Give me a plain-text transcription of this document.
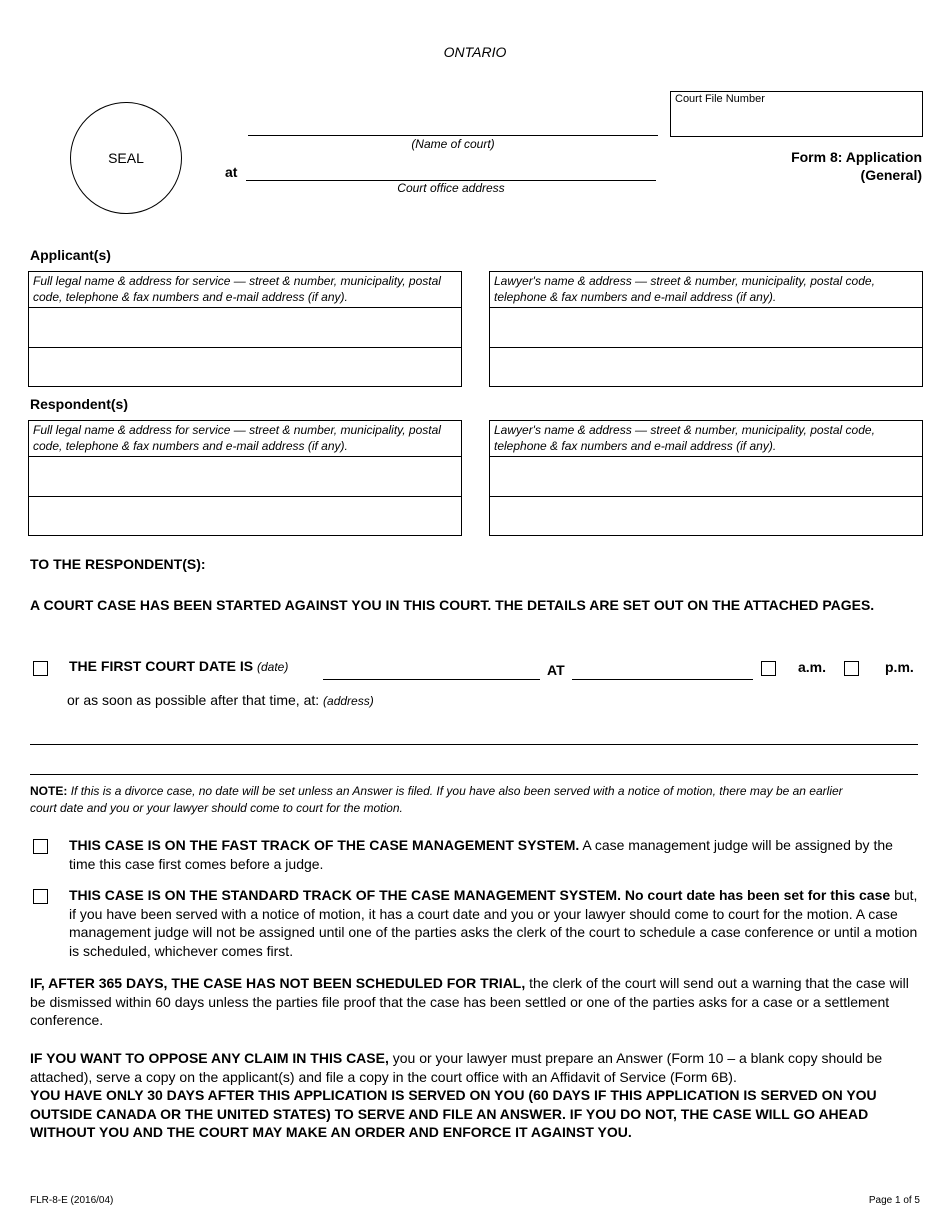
ONTARIO
SEAL
(Name of court)
at
Court office address
Court File Number
Form 8: Application
(General)
Applicant(s)
Full legal name & address for service — street & number, municipality, postal code, telephone & fax numbers and e-mail address (if any).
Lawyer's name & address — street & number, municipality, postal code, telephone & fax numbers and e-mail address (if any).
Respondent(s)
Full legal name & address for service — street & number, municipality, postal code, telephone & fax numbers and e-mail address (if any).
Lawyer's name & address — street & number, municipality, postal code, telephone & fax numbers and e-mail address (if any).
TO THE RESPONDENT(S):
A COURT CASE HAS BEEN STARTED AGAINST YOU IN THIS COURT. THE DETAILS ARE SET OUT ON THE ATTACHED PAGES.
THE FIRST COURT DATE IS (date)	AT	a.m.	p.m.
or as soon as possible after that time, at: (address)
NOTE: If this is a divorce case, no date will be set unless an Answer is filed. If you have also been served with a notice of motion, there may be an earlier court date and you or your lawyer should come to court for the motion.
THIS CASE IS ON THE FAST TRACK OF THE CASE MANAGEMENT SYSTEM. A case management judge will be assigned by the time this case first comes before a judge.
THIS CASE IS ON THE STANDARD TRACK OF THE CASE MANAGEMENT SYSTEM. No court date has been set for this case but, if you have been served with a notice of motion, it has a court date and you or your lawyer should come to court for the motion. A case management judge will not be assigned until one of the parties asks the clerk of the court to schedule a case conference or until a motion is scheduled, whichever comes first.
IF, AFTER 365 DAYS, THE CASE HAS NOT BEEN SCHEDULED FOR TRIAL, the clerk of the court will send out a warning that the case will be dismissed within 60 days unless the parties file proof that the case has been settled or one of the parties asks for a case or a settlement conference.
IF YOU WANT TO OPPOSE ANY CLAIM IN THIS CASE, you or your lawyer must prepare an Answer (Form 10 – a blank copy should be attached), serve a copy on the applicant(s) and file a copy in the court office with an Affidavit of Service (Form 6B).
YOU HAVE ONLY 30 DAYS AFTER THIS APPLICATION IS SERVED ON YOU (60 DAYS IF THIS APPLICATION IS SERVED ON YOU OUTSIDE CANADA OR THE UNITED STATES) TO SERVE AND FILE AN ANSWER. IF YOU DO NOT, THE CASE WILL GO AHEAD WITHOUT YOU AND THE COURT MAY MAKE AN ORDER AND ENFORCE IT AGAINST YOU.
FLR-8-E (2016/04)	Page 1 of 5
